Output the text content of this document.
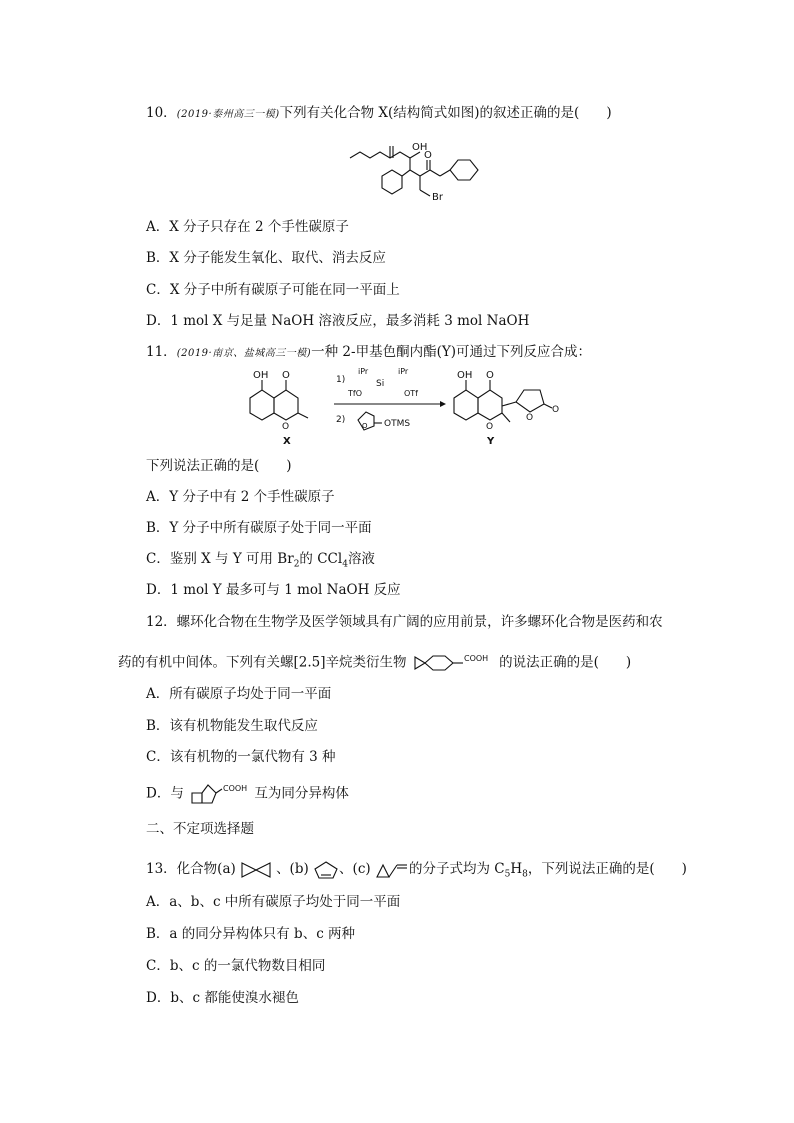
10．(2019·泰州高三一模)下列有关化合物 X(结构简式如图)的叙述正确的是(　　)
OH
O
Br
A．X 分子只存在 2 个手性碳原子
B．X 分子能发生氧化、取代、消去反应
C．X 分子中所有碳原子可能在同一平面上
D．1 mol X 与足量 NaOH 溶液反应，最多消耗 3 mol NaOH
11．(2019·南京、盐城高三一模)一种 2-甲基色酮内酯(Y)可通过下列反应合成：
OH O
O
X
1)
iPr	iPr
Si
TfO	OTf
2)
O OTMS
OH O
O
O
O
Y
下列说法正确的是(　　)
A．Y 分子中有 2 个手性碳原子
B．Y 分子中所有碳原子处于同一平面
C．鉴别 X 与 Y 可用 $Br_2$的 CCl$_4$溶液
D．1 mol Y 最多可与 1 mol NaOH 反应
12．螺环化合物在生物学及医学领域具有广阔的应用前景，许多螺环化合物是医药和农
药的有机中间体。下列有关螺[2.5]辛烷类衍生物	COOH 的说法正确的是(　　)
A．所有碳原子均处于同一平面
B．该有机物能发生取代反应
C．该有机物的一氯代物有 3 种
D．与	COOH 互为同分异构体
二、不定项选择题
13．化合物(a)	、(b) 、(c)	的分子式均为 $C_5H_8$，下列说法正确的是(　　)
A．a、b、c 中所有碳原子均处于同一平面
B．a 的同分异构体只有 b、c 两种
C．b、c 的一氯代物数目相同
D．b、c 都能使溴水褪色
